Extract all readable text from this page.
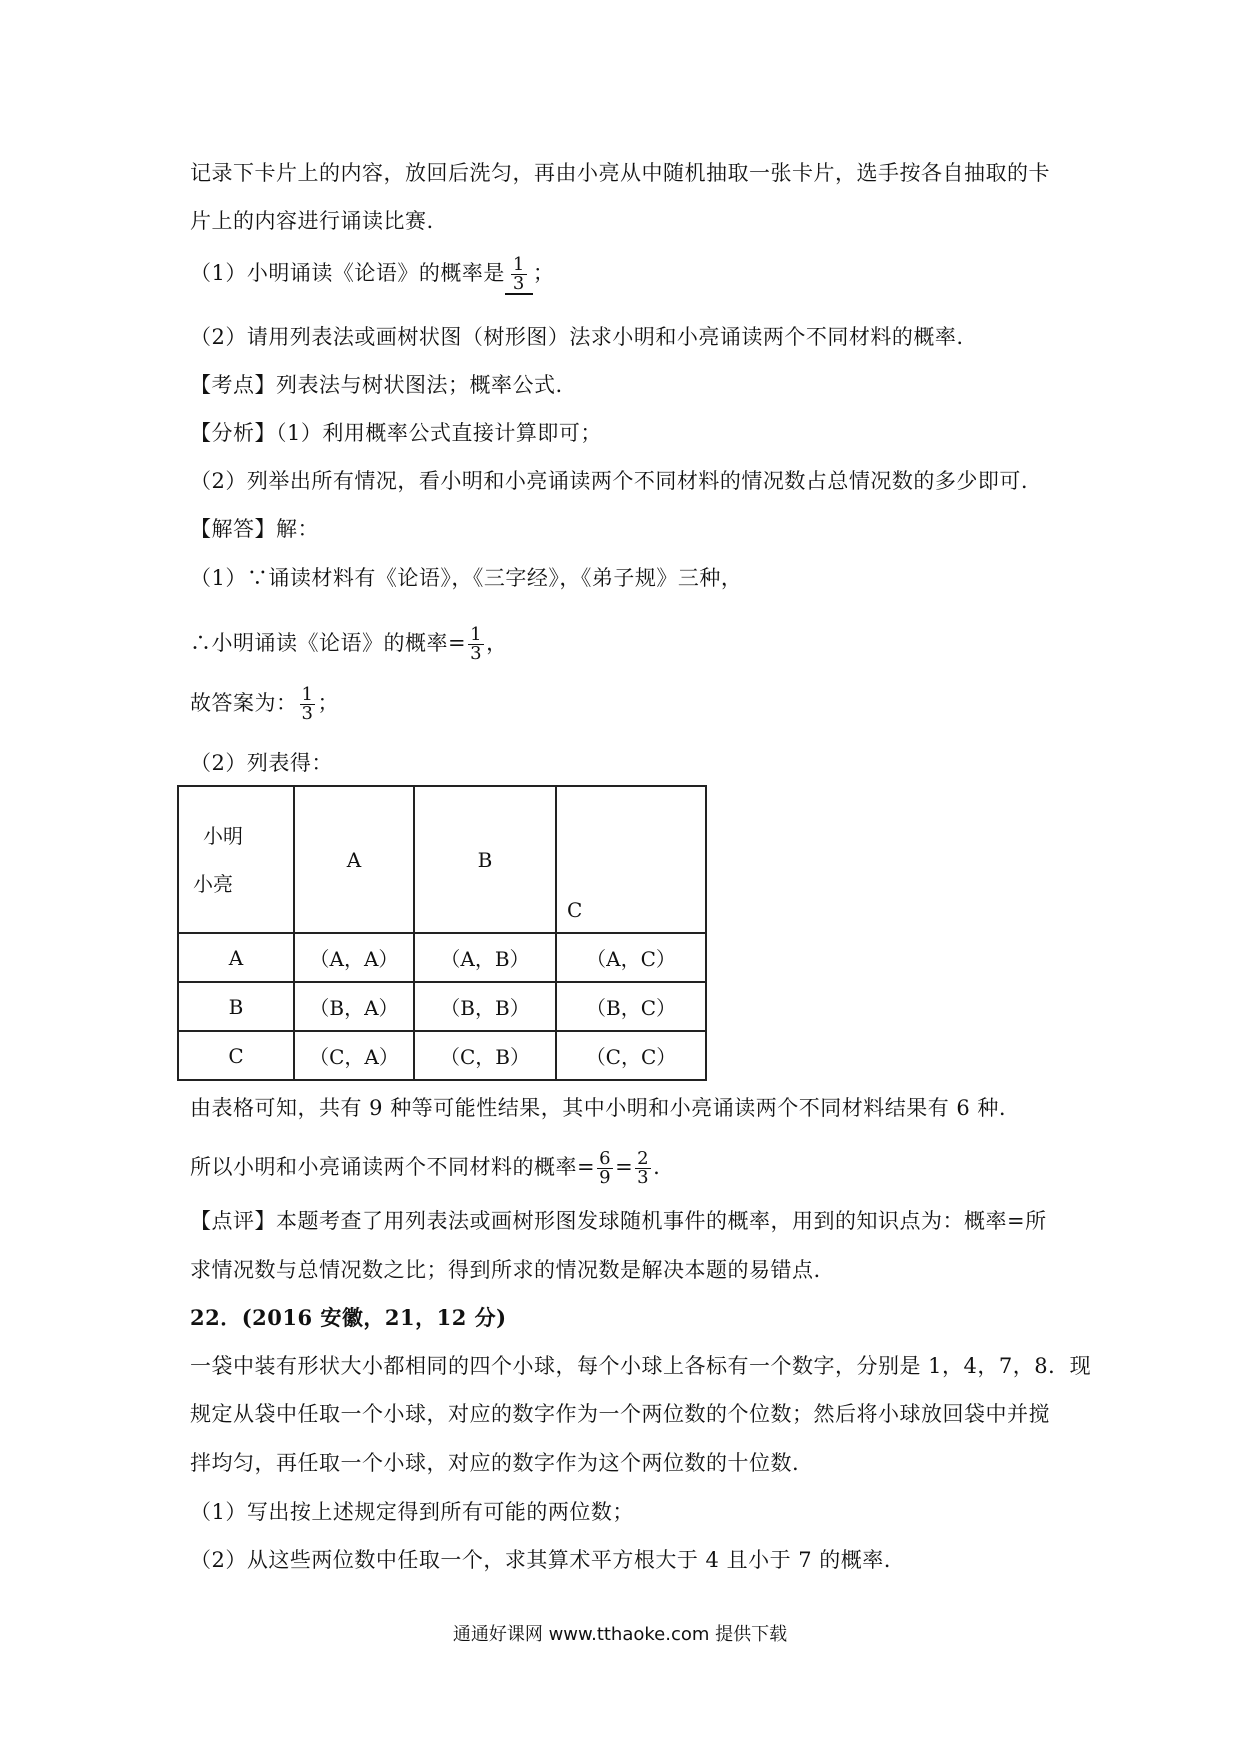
记录下卡片上的内容，放回后洗匀，再由小亮从中随机抽取一张卡片，选手按各自抽取的卡
片上的内容进行诵读比赛.
（1）小明诵读《论语》的概率是 $\frac{1}{3}$ ；
（2）请用列表法或画树状图（树形图）法求小明和小亮诵读两个不同材料的概率.
【考点】列表法与树状图法；概率公式.
【分析】（1）利用概率公式直接计算即可；
（2）列举出所有情况，看小明和小亮诵读两个不同材料的情况数占总情况数的多少即可.
【解答】解：
（1）∵诵读材料有《论语》，《三字经》，《弟子规》三种，
∴小明诵读《论语》的概率= $\frac{1}{3}$ ，
故答案为： $\frac{1}{3}$ ；
（2）列表得：
小明
小亮	A	B	C
A	（A，A）	（A，B）	（A，C）
B	（B，A）	（B，B）	（B，C）
C	（C，A）	（C，B）	（C，C）
由表格可知，共有 9 种等可能性结果，其中小明和小亮诵读两个不同材料结果有 6 种.
所以小明和小亮诵读两个不同材料的概率= $\frac{6}{9} = \frac{2}{3}$ .
【点评】本题考查了用列表法或画树形图发球随机事件的概率，用到的知识点为：概率=所
求情况数与总情况数之比；得到所求的情况数是解决本题的易错点.
22．(2016 安徽，21，12 分)
一袋中装有形状大小都相同的四个小球，每个小球上各标有一个数字，分别是 1，4，7，8．现
规定从袋中任取一个小球，对应的数字作为一个两位数的个位数；然后将小球放回袋中并搅
拌均匀，再任取一个小球，对应的数字作为这个两位数的十位数.
（1）写出按上述规定得到所有可能的两位数；
（2）从这些两位数中任取一个，求其算术平方根大于 4 且小于 7 的概率.
通通好课网 www.tthaoke.com 提供下载
